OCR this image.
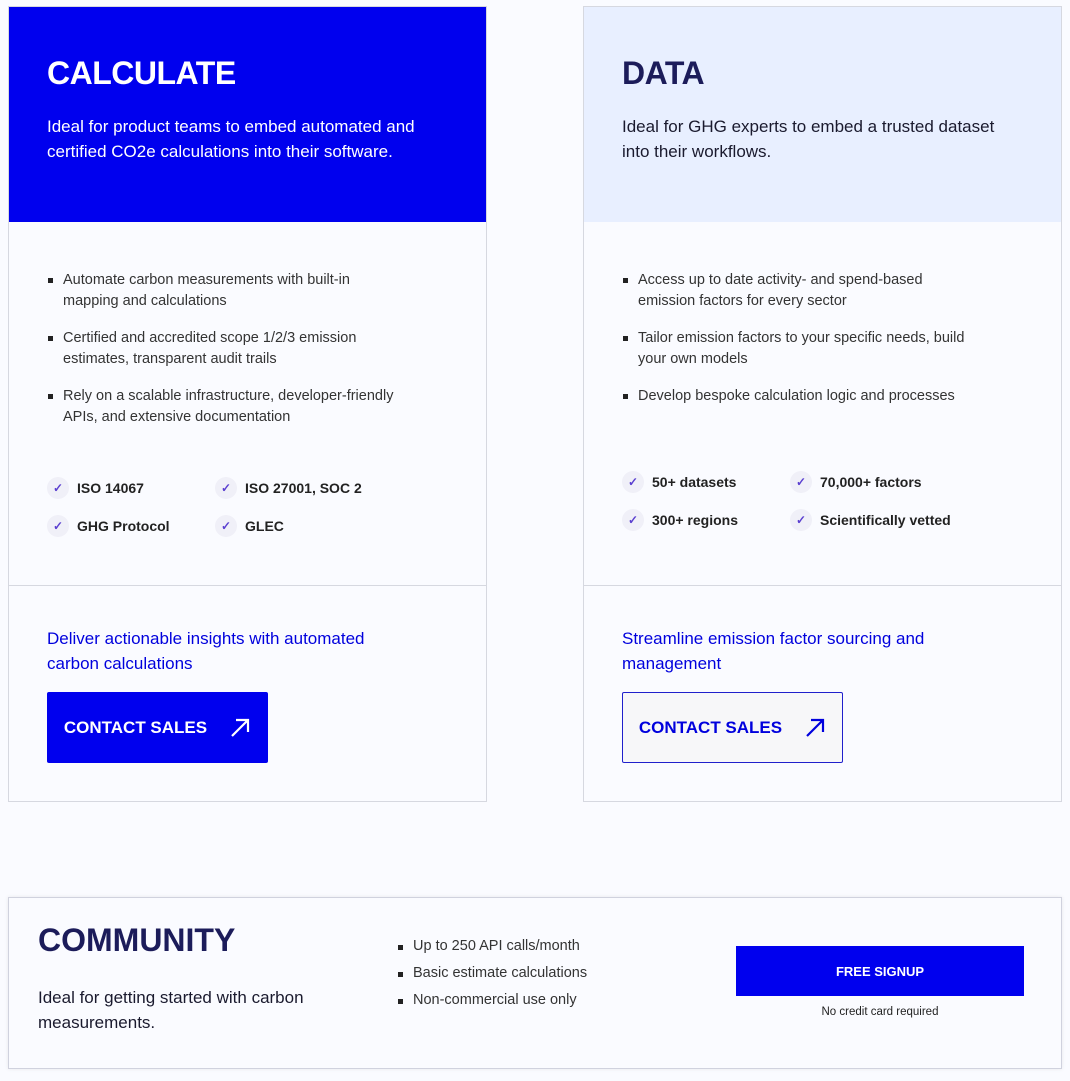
CALCULATE
Ideal for product teams to embed automated and certified CO2e calculations into their software.
Automate carbon measurements with built-in mapping and calculations
Certified and accredited scope 1/2/3 emission estimates, transparent audit trails
Rely on a scalable infrastructure, developer-friendly APIs, and extensive documentation
✓ ISO 14067	✓ ISO 27001, SOC 2
✓ GHG Protocol	✓ GLEC
Deliver actionable insights with automated carbon calculations
CONTACT SALES
DATA
Ideal for GHG experts to embed a trusted dataset into their workflows.
Access up to date activity- and spend-based emission factors for every sector
Tailor emission factors to your specific needs, build your own models
Develop bespoke calculation logic and processes
✓ 50+ datasets	✓ 70,000+ factors
✓ 300+ regions	✓ Scientifically vetted
Streamline emission factor sourcing and management
CONTACT SALES
COMMUNITY
Ideal for getting started with carbon measurements.
Up to 250 API calls/month
Basic estimate calculations
Non-commercial use only
FREE SIGNUP
No credit card required
